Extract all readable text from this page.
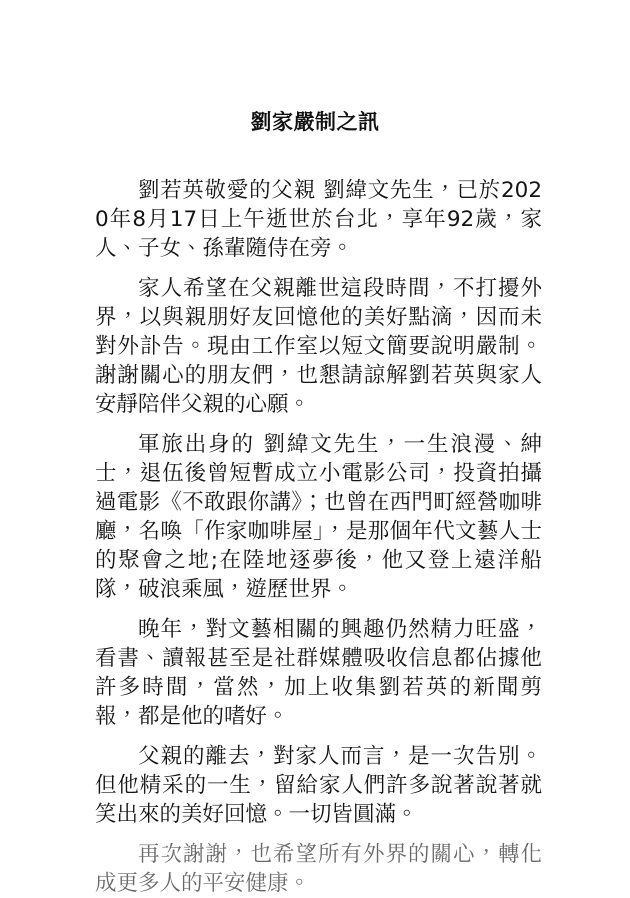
劉家嚴制之訊

劉若英敬愛的父親 劉緯文先生，已於2020年8月17日上午逝世於台北，享年92歲，家人、子女、孫輩隨侍在旁。

家人希望在父親離世這段時間，不打擾外界，以與親朋好友回憶他的美好點滴，因而未對外訃告。現由工作室以短文簡要說明嚴制。謝謝關心的朋友們，也懇請諒解劉若英與家人安靜陪伴父親的心願。

軍旅出身的 劉緯文先生，一生浪漫、紳士，退伍後曾短暫成立小電影公司，投資拍攝過電影《不敢跟你講》；也曾在西門町經營咖啡廳，名喚「作家咖啡屋」，是那個年代文藝人士的聚會之地;在陸地逐夢後，他又登上遠洋船隊，破浪乘風，遊歷世界。

晚年，對文藝相關的興趣仍然精力旺盛，看書、讀報甚至是社群媒體吸收信息都佔據他許多時間，當然，加上收集劉若英的新聞剪報，都是他的嗜好。

父親的離去，對家人而言，是一次告別。但他精采的一生，留給家人們許多說著說著就笑出來的美好回憶。一切皆圓滿。

再次謝謝，也希望所有外界的關心，轉化成更多人的平安健康。
